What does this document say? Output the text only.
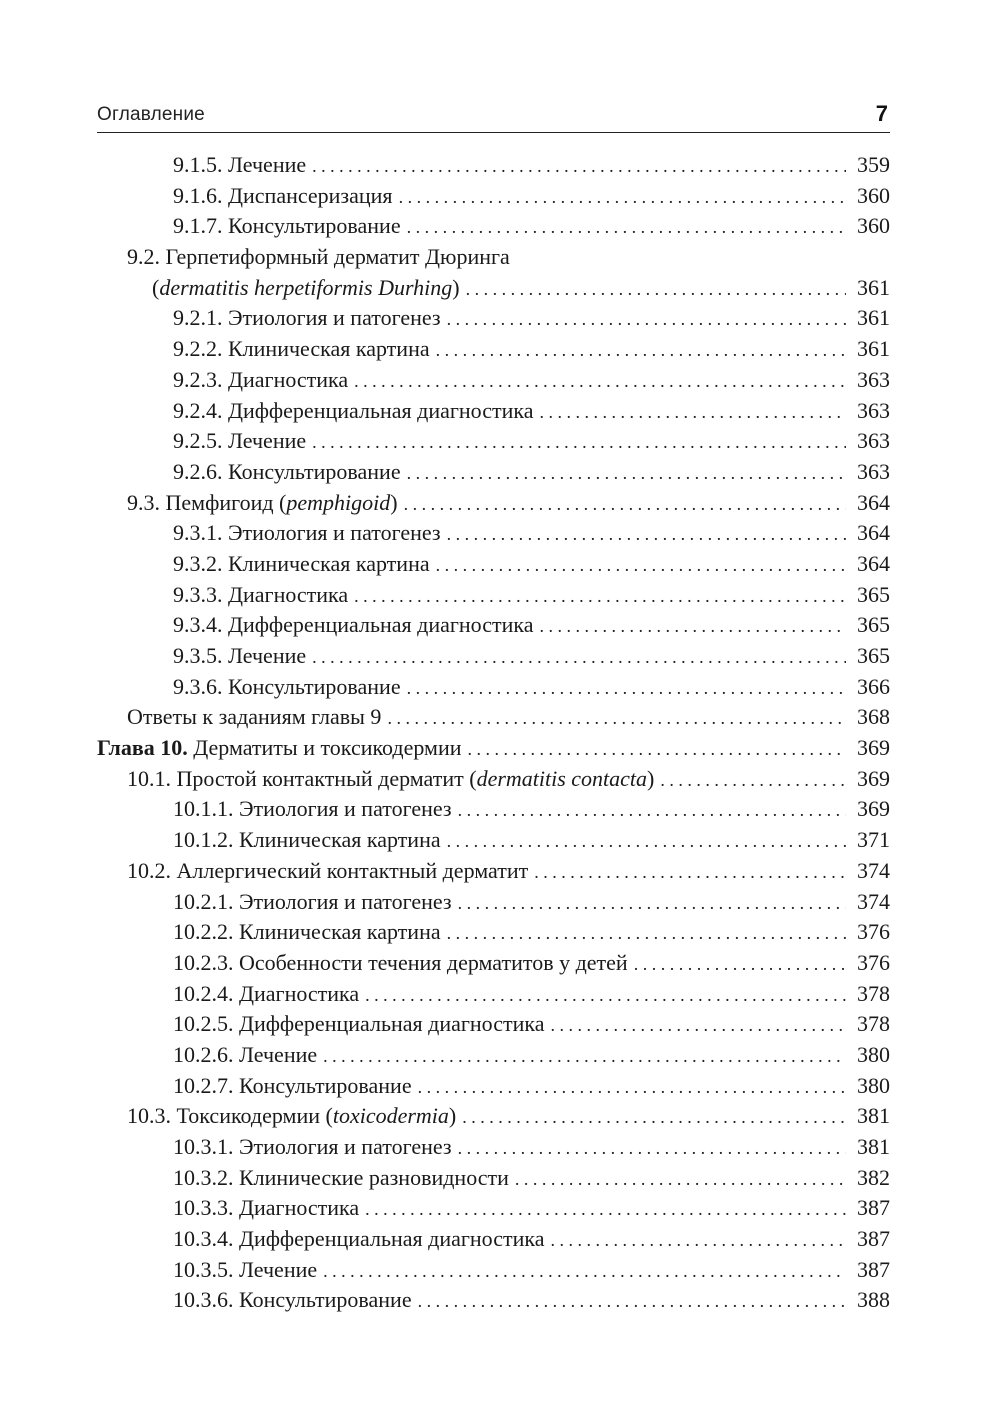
Оглавление	7
9.1.5. Лечение . . .	359
9.1.6. Диспансеризация . . .	360
9.1.7. Консультирование . . .	360
9.2. Герпетиформный дерматит Дюринга
(dermatitis herpetiformis Durhing) . . .	361
9.2.1. Этиология и патогенез . . .	361
9.2.2. Клиническая картина . . .	361
9.2.3. Диагностика . . .	363
9.2.4. Дифференциальная диагностика . . .	363
9.2.5. Лечение . . .	363
9.2.6. Консультирование . . .	363
9.3. Пемфигоид (pemphigoid) . . .	364
9.3.1. Этиология и патогенез . . .	364
9.3.2. Клиническая картина . . .	364
9.3.3. Диагностика . . .	365
9.3.4. Дифференциальная диагностика . . .	365
9.3.5. Лечение . . .	365
9.3.6. Консультирование . . .	366
Ответы к заданиям главы 9 . . .	368
Глава 10. Дерматиты и токсикодермии . . .	369
10.1. Простой контактный дерматит (dermatitis contacta) . . .	369
10.1.1. Этиология и патогенез . . .	369
10.1.2. Клиническая картина . . .	371
10.2. Аллергический контактный дерматит . . .	374
10.2.1. Этиология и патогенез . . .	374
10.2.2. Клиническая картина . . .	376
10.2.3. Особенности течения дерматитов у детей . . .	376
10.2.4. Диагностика . . .	378
10.2.5. Дифференциальная диагностика . . .	378
10.2.6. Лечение . . .	380
10.2.7. Консультирование . . .	380
10.3. Токсикодермии (toxicodermia) . . .	381
10.3.1. Этиология и патогенез . . .	381
10.3.2. Клинические разновидности . . .	382
10.3.3. Диагностика . . .	387
10.3.4. Дифференциальная диагностика . . .	387
10.3.5. Лечение . . .	387
10.3.6. Консультирование . . .	388
